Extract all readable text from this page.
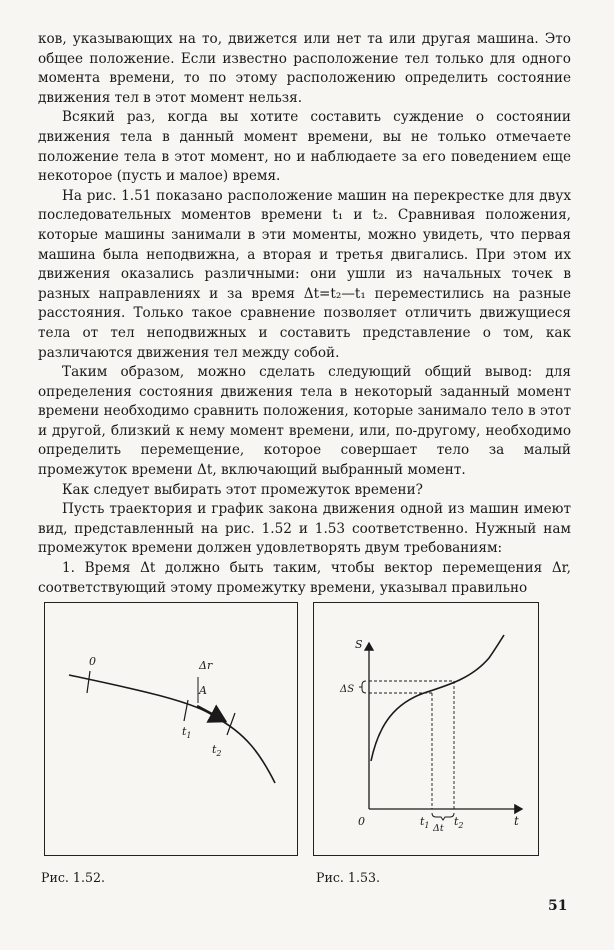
ков, указывающих на то, движется или нет та или другая машина. Это общее положение. Если известно расположение тел только для одного момента времени, то по этому расположению определить состояние движения тел в этот момент нельзя.

Всякий раз, когда вы хотите составить суждение о состоянии движения тела в данный момент времени, вы не только отмечаете положение тела в этот момент, но и наблюдаете за его поведением еще некоторое (пусть и малое) время.

На рис. 1.51 показано расположение машин на перекрестке для двух последовательных моментов времени t₁ и t₂. Сравнивая положения, которые машины занимали в эти моменты, можно увидеть, что первая машина была неподвижна, а вторая и третья двигались. При этом их движения оказались различными: они ушли из начальных точек в разных направлениях и за время Δt=t₂—t₁ переместились на разные расстояния. Только такое сравнение позволяет отличить движущиеся тела от тел неподвижных и составить представление о том, как различаются движения тел между собой.

Таким образом, можно сделать следующий общий вывод: для определения состояния движения тела в некоторый заданный момент времени необходимо сравнить положения, которые занимало тело в этот и другой, близкий к нему момент времени, или, по-другому, необходимо определить перемещение, которое совершает тело за малый промежуток времени Δt, включающий выбранный момент.

Как следует выбирать этот промежуток времени?

Пусть траектория и график закона движения одной из машин имеют вид, представленный на рис. 1.52 и 1.53 соответственно. Нужный нам промежуток времени должен удовлетворять двум требованиям:

1. Время Δt должно быть таким, чтобы вектор перемещения Δr, соответствующий этому промежутку времени, указывал правильно

0	Δr
A
$t_1$
$t_2$
S
t
0
ΔS
Δt
$t_1$ $t_2$
Рис. 1.52.	Рис. 1.53.
51
